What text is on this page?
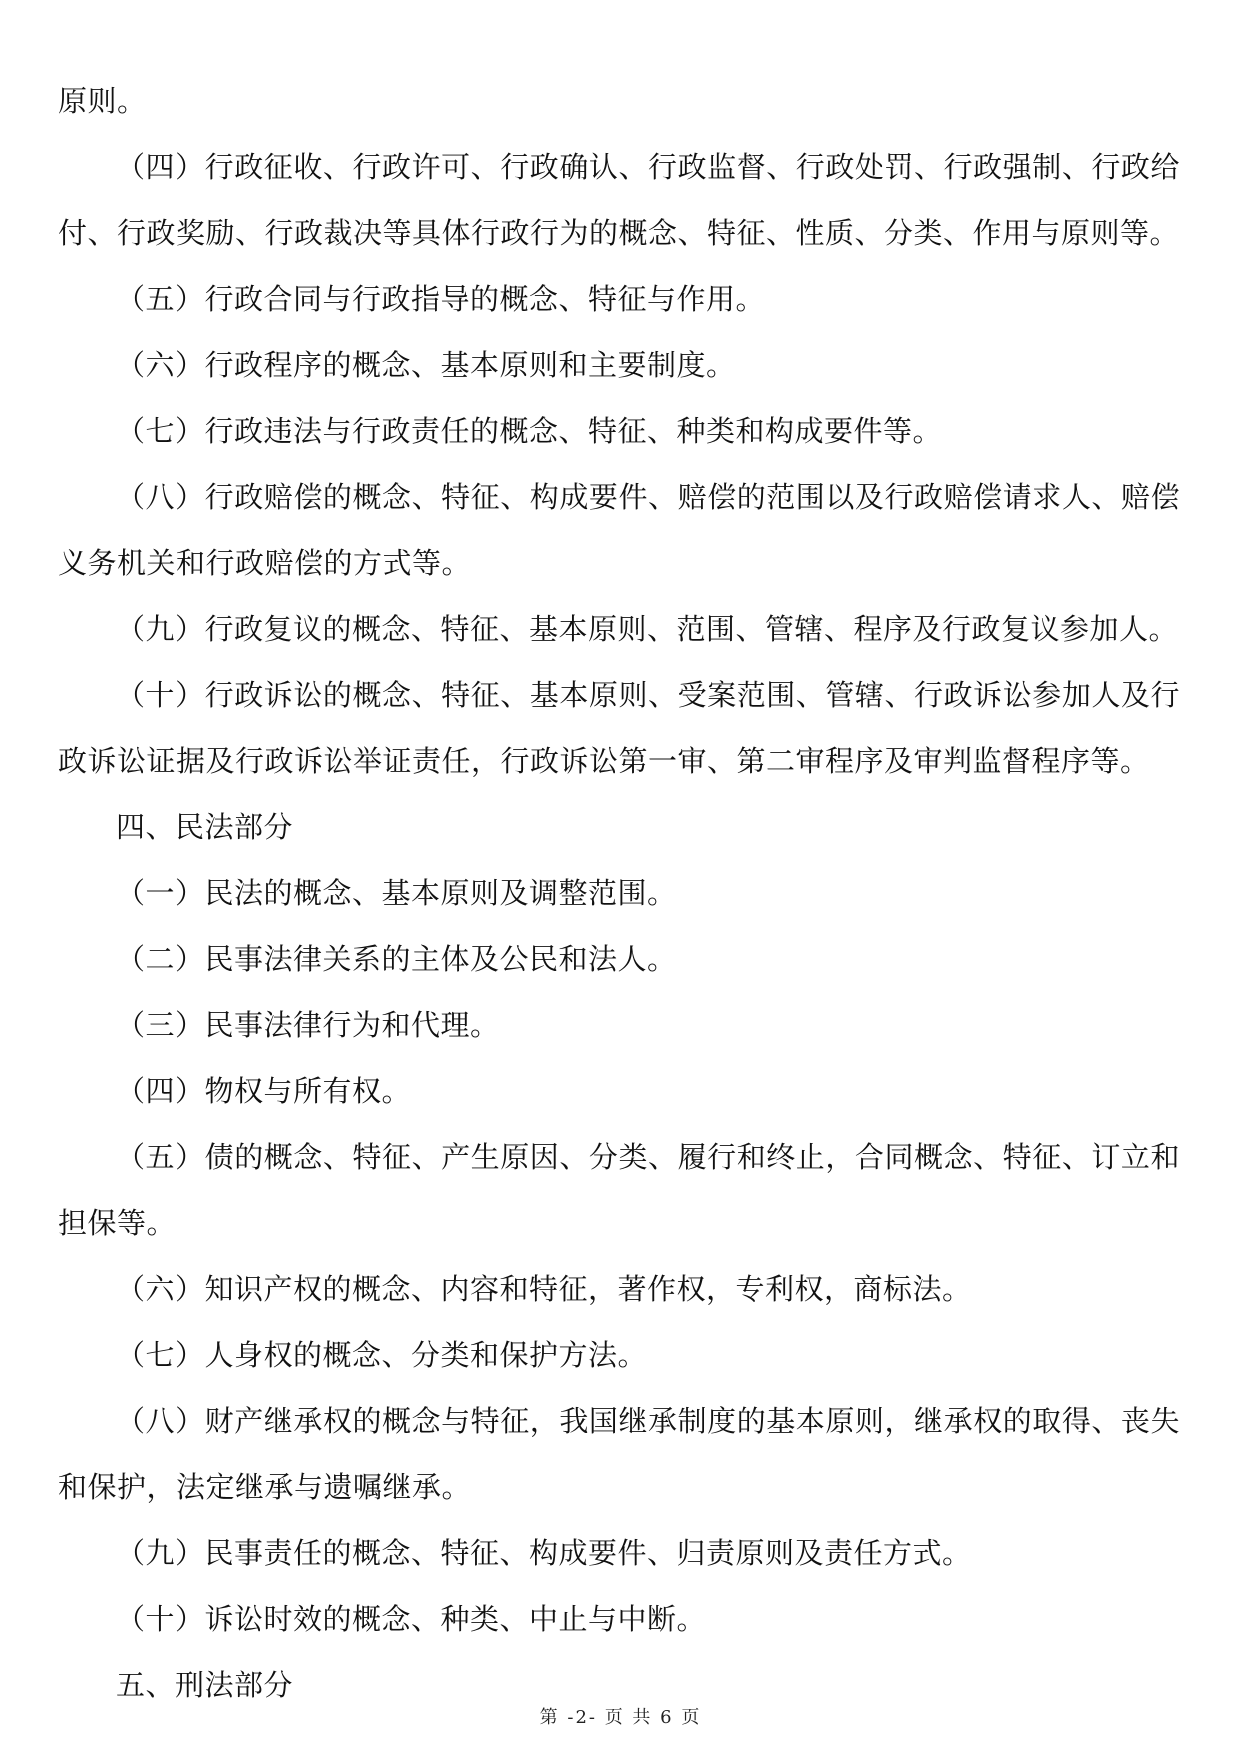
原则。

（四）行政征收、行政许可、行政确认、行政监督、行政处罚、行政强制、行政给付、行政奖励、行政裁决等具体行政行为的概念、特征、性质、分类、作用与原则等。

（五）行政合同与行政指导的概念、特征与作用。

（六）行政程序的概念、基本原则和主要制度。

（七）行政违法与行政责任的概念、特征、种类和构成要件等。

（八）行政赔偿的概念、特征、构成要件、赔偿的范围以及行政赔偿请求人、赔偿义务机关和行政赔偿的方式等。

（九）行政复议的概念、特征、基本原则、范围、管辖、程序及行政复议参加人。

（十）行政诉讼的概念、特征、基本原则、受案范围、管辖、行政诉讼参加人及行政诉讼证据及行政诉讼举证责任，行政诉讼第一审、第二审程序及审判监督程序等。

四、民法部分

（一）民法的概念、基本原则及调整范围。

（二）民事法律关系的主体及公民和法人。

（三）民事法律行为和代理。

（四）物权与所有权。

（五）债的概念、特征、产生原因、分类、履行和终止，合同概念、特征、订立和担保等。

（六）知识产权的概念、内容和特征，著作权，专利权，商标法。

（七）人身权的概念、分类和保护方法。

（八）财产继承权的概念与特征，我国继承制度的基本原则，继承权的取得、丧失和保护，法定继承与遗嘱继承。

（九）民事责任的概念、特征、构成要件、归责原则及责任方式。

（十）诉讼时效的概念、种类、中止与中断。

五、刑法部分

第 -2- 页 共 6 页
